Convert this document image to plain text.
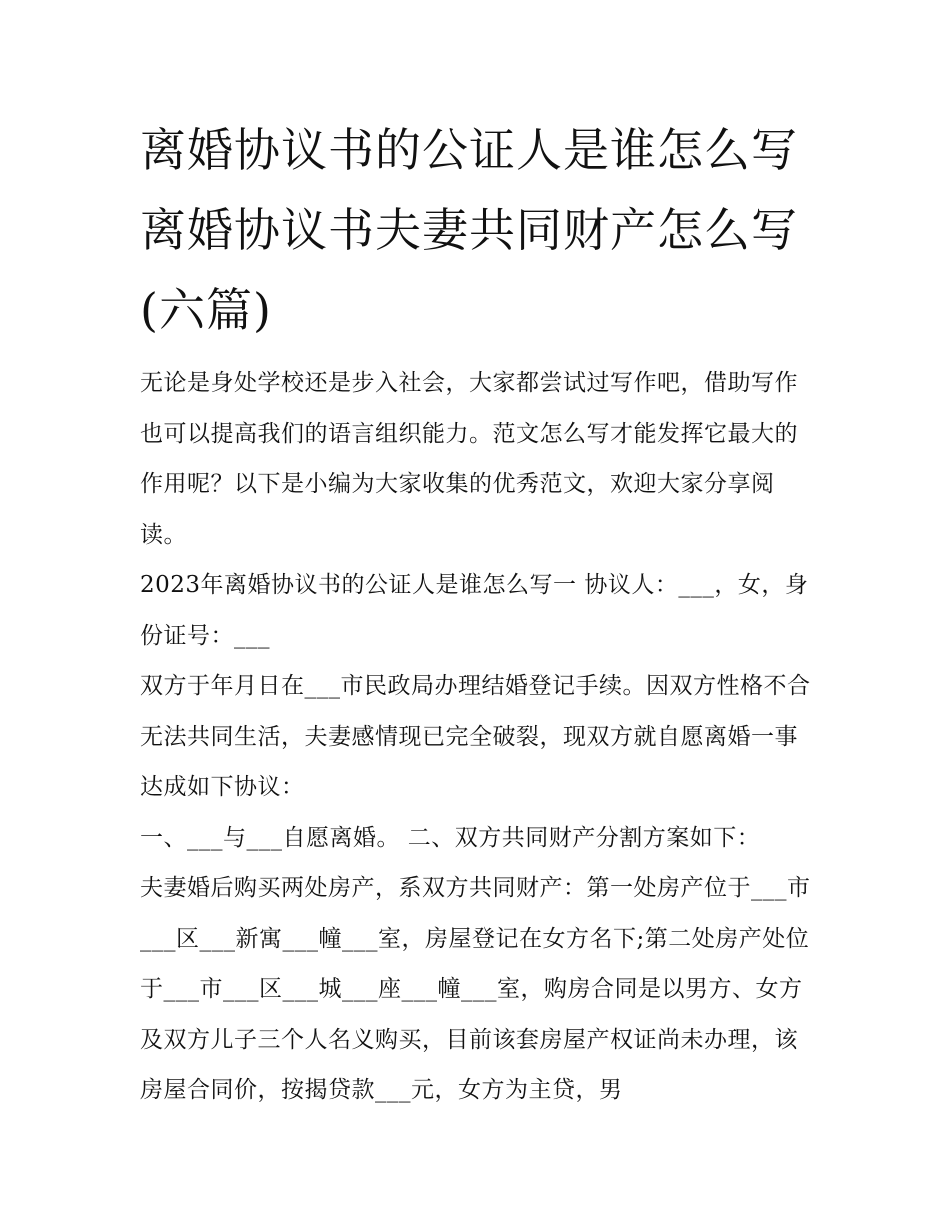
离婚协议书的公证人是谁怎么写 离婚协议书夫妻共同财产怎么写(六篇)

无论是身处学校还是步入社会，大家都尝试过写作吧，借助写作也可以提高我们的语言组织能力。范文怎么写才能发挥它最大的作用呢？以下是小编为大家收集的优秀范文，欢迎大家分享阅读。

2023年离婚协议书的公证人是谁怎么写一 协议人：___，女，身份证号：___

双方于年月日在___市民政局办理结婚登记手续。因双方性格不合无法共同生活，夫妻感情现已完全破裂，现双方就自愿离婚一事达成如下协议：

一、___与___自愿离婚。 二、双方共同财产分割方案如下：

夫妻婚后购买两处房产，系双方共同财产：第一处房产位于___市___区___新寓___幢___室，房屋登记在女方名下;第二处房产处位于___市___区___城___座___幢___室，购房合同是以男方、女方及双方儿子三个人名义购买，目前该套房屋产权证尚未办理，该房屋合同价，按揭贷款___元，女方为主贷，男
